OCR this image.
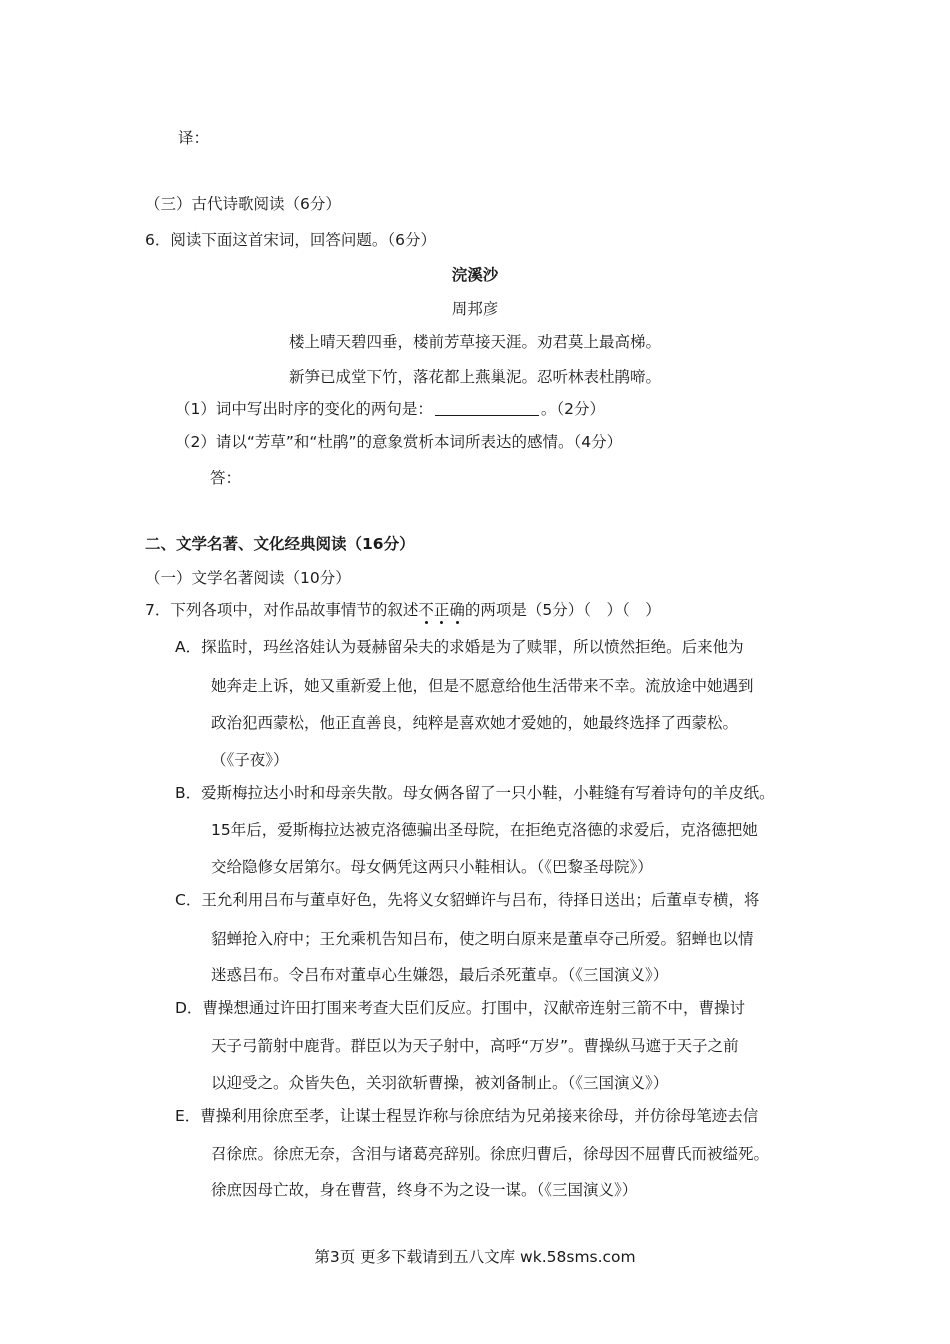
译：
（三）古代诗歌阅读（6分）
6．阅读下面这首宋词，回答问题。（6分）
浣溪沙
周邦彦
楼上晴天碧四垂，楼前芳草接天涯。劝君莫上最高梯。
新笋已成堂下竹，落花都上燕巢泥。忍听林表杜鹃啼。
（1）词中写出时序的变化的两句是：	。（2分）
（2）请以“芳草”和“杜鹃”的意象赏析本词所表达的感情。（4分）
答：
二、文学名著、文化经典阅读（16分）
（一）文学名著阅读（10分）
7．下列各项中，对作品故事情节的叙述不正确的两项是（5分）（　）（　）
A．探监时，玛丝洛娃认为聂赫留朵夫的求婚是为了赎罪，所以愤然拒绝。后来他为
她奔走上诉，她又重新爱上他，但是不愿意给他生活带来不幸。流放途中她遇到
政治犯西蒙松，他正直善良，纯粹是喜欢她才爱她的，她最终选择了西蒙松。
（《子夜》）
B．爱斯梅拉达小时和母亲失散。母女俩各留了一只小鞋，小鞋缝有写着诗句的羊皮纸。
15年后，爱斯梅拉达被克洛德骗出圣母院，在拒绝克洛德的求爱后，克洛德把她
交给隐修女居第尔。母女俩凭这两只小鞋相认。（《巴黎圣母院》）
C．王允利用吕布与董卓好色，先将义女貂蝉许与吕布，待择日送出；后董卓专横，将
貂蝉抢入府中；王允乘机告知吕布，使之明白原来是董卓夺己所爱。貂蝉也以情
迷惑吕布。令吕布对董卓心生嫌怨，最后杀死董卓。（《三国演义》）
D．曹操想通过许田打围来考查大臣们反应。打围中，汉献帝连射三箭不中，曹操讨
天子弓箭射中鹿背。群臣以为天子射中，高呼“万岁”。曹操纵马遮于天子之前
以迎受之。众皆失色，关羽欲斩曹操，被刘备制止。（《三国演义》）
E．曹操利用徐庶至孝，让谋士程昱诈称与徐庶结为兄弟接来徐母，并仿徐母笔迹去信
召徐庶。徐庶无奈，含泪与诸葛亮辞别。徐庶归曹后，徐母因不屈曹氏而被缢死。
徐庶因母亡故，身在曹营，终身不为之设一谋。（《三国演义》）
第3页 更多下载请到五八文库 wk.58sms.com
